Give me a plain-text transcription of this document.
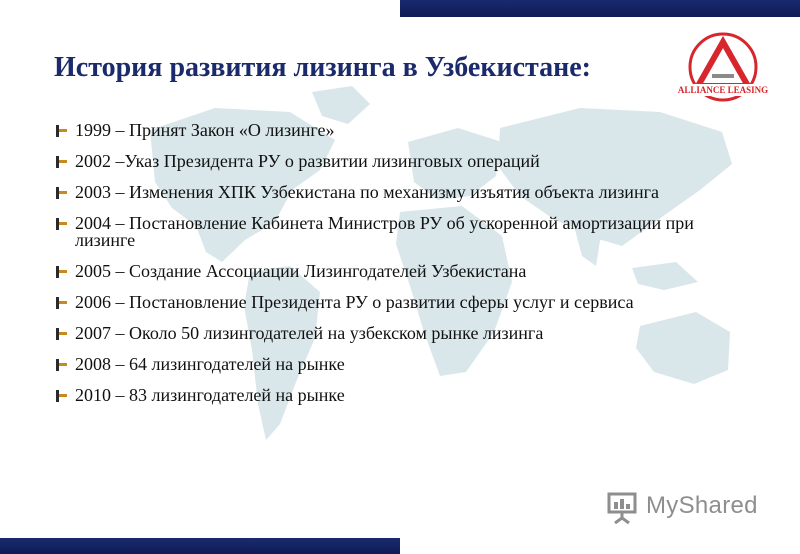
История развития лизинга в Узбекистане:
ALLIANCE LEASING
1999 – Принят Закон «О лизинге»
2002 –Указ Президента РУ о развитии лизинговых операций
2003 – Изменения ХПК Узбекистана по механизму изъятия объекта лизинга
2004 – Постановление Кабинета Министров РУ об ускоренной амортизации при лизинге
2005 – Создание Ассоциации Лизингодателей Узбекистана
2006 – Постановление Президента РУ о развитии сферы услуг и сервиса
2007 – Около 50 лизингодателей на узбекском рынке лизинга
2008 – 64 лизингодателей на рынке
2010 – 83 лизингодателей на рынке
MyShared
